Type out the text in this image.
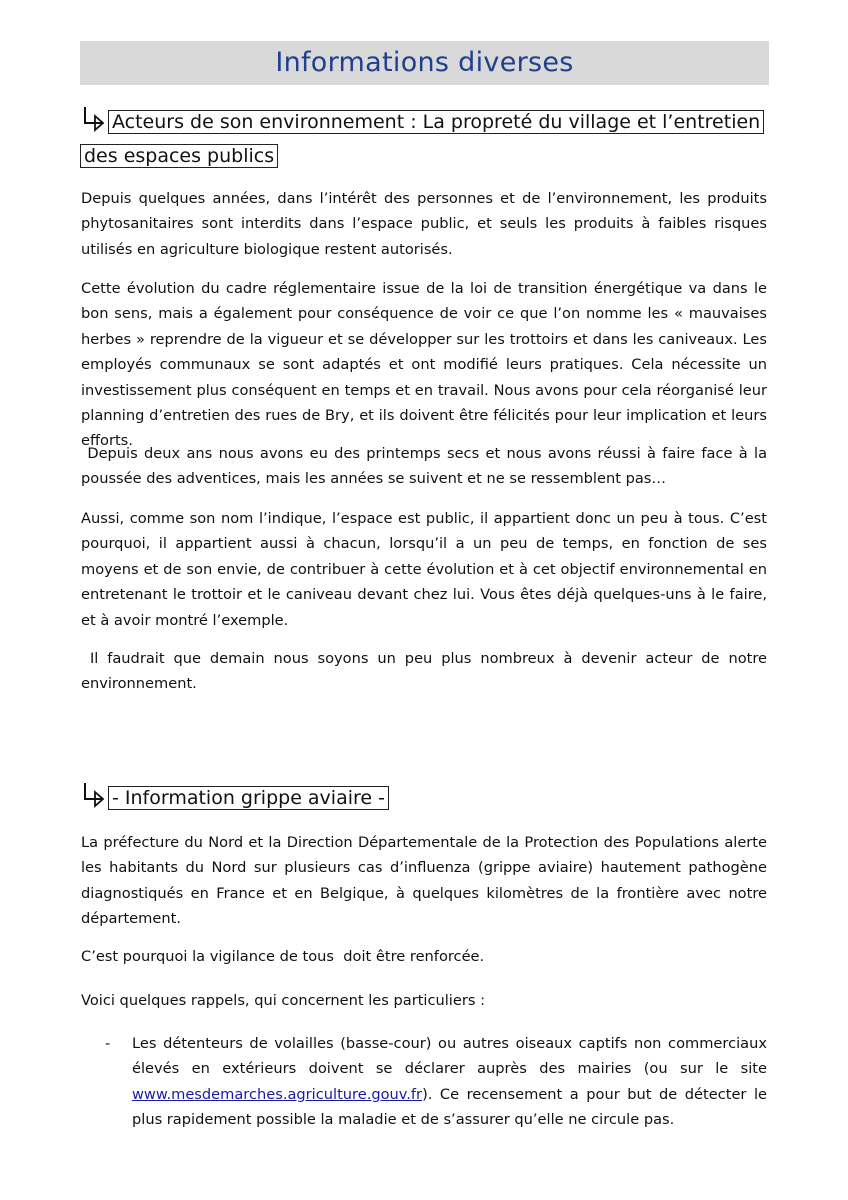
Informations diverses
Acteurs de son environnement : La propreté du village et l’entretien
des espaces publics

Depuis quelques années, dans l’intérêt des personnes et de l’environnement, les produits phytosanitaires sont interdits dans l’espace public, et seuls les produits à faibles risques utilisés en agriculture biologique restent autorisés.

Cette évolution du cadre réglementaire issue de la loi de transition énergétique va dans le bon sens, mais a également pour conséquence de voir ce que l’on nomme les « mauvaises herbes » reprendre de la vigueur et se développer sur les trottoirs et dans les caniveaux. Les employés communaux se sont adaptés et ont modifié leurs pratiques. Cela nécessite un investissement plus conséquent en temps et en travail. Nous avons pour cela réorganisé leur planning d’entretien des rues de Bry, et ils doivent être félicités pour leur implication et leurs efforts.

Depuis deux ans nous avons eu des printemps secs et nous avons réussi à faire face à la poussée des adventices, mais les années se suivent et ne se ressemblent pas…

Aussi, comme son nom l’indique, l’espace est public, il appartient donc un peu à tous. C’est pourquoi, il appartient aussi à chacun, lorsqu’il a un peu de temps, en fonction de ses moyens et de son envie, de contribuer à cette évolution et à cet objectif environnemental en entretenant le trottoir et le caniveau devant chez lui. Vous êtes déjà quelques-uns à le faire, et à avoir montré l’exemple.

Il faudrait que demain nous soyons un peu plus nombreux à devenir acteur de notre environnement.

- Information grippe aviaire -

La préfecture du Nord et la Direction Départementale de la Protection des Populations alerte les habitants du Nord sur plusieurs cas d’influenza (grippe aviaire) hautement pathogène diagnostiqués en France et en Belgique, à quelques kilomètres de la frontière avec notre département.

C’est pourquoi la vigilance de tous  doit être renforcée.

Voici quelques rappels, qui concernent les particuliers :

- Les détenteurs de volailles (basse-cour) ou autres oiseaux captifs non commerciaux élevés en extérieurs doivent se déclarer auprès des mairies (ou sur le site www.mesdemarches.agriculture.gouv.fr). Ce recensement a pour but de détecter le plus rapidement possible la maladie et de s’assurer qu’elle ne circule pas.
